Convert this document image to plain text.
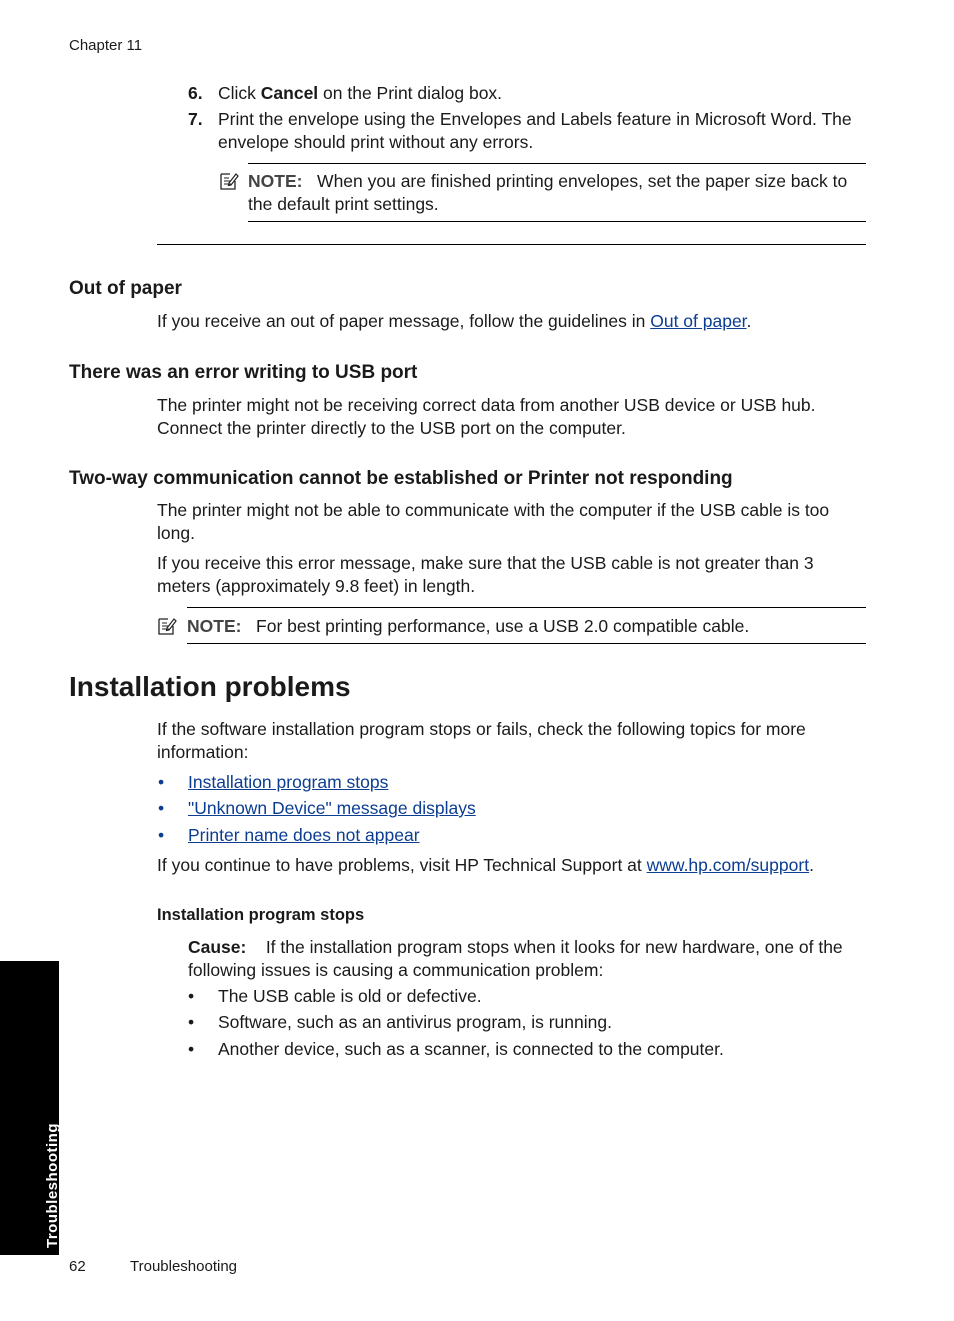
Chapter 11
6. Click Cancel on the Print dialog box.
7. Print the envelope using the Envelopes and Labels feature in Microsoft Word. The
envelope should print without any errors.
NOTE: When you are finished printing envelopes, set the paper size back to
the default print settings.
Out of paper
If you receive an out of paper message, follow the guidelines in Out of paper.
There was an error writing to USB port
The printer might not be receiving correct data from another USB device or USB hub.
Connect the printer directly to the USB port on the computer.
Two-way communication cannot be established or Printer not responding
The printer might not be able to communicate with the computer if the USB cable is too
long.
If you receive this error message, make sure that the USB cable is not greater than 3
meters (approximately 9.8 feet) in length.
NOTE: For best printing performance, use a USB 2.0 compatible cable.
Installation problems
If the software installation program stops or fails, check the following topics for more
information:
• Installation program stops
• "Unknown Device" message displays
• Printer name does not appear
If you continue to have problems, visit HP Technical Support at www.hp.com/support.
Installation program stops
Cause: If the installation program stops when it looks for new hardware, one of the
following issues is causing a communication problem:
• The USB cable is old or defective.
• Software, such as an antivirus program, is running.
• Another device, such as a scanner, is connected to the computer.
Troubleshooting
62	Troubleshooting
